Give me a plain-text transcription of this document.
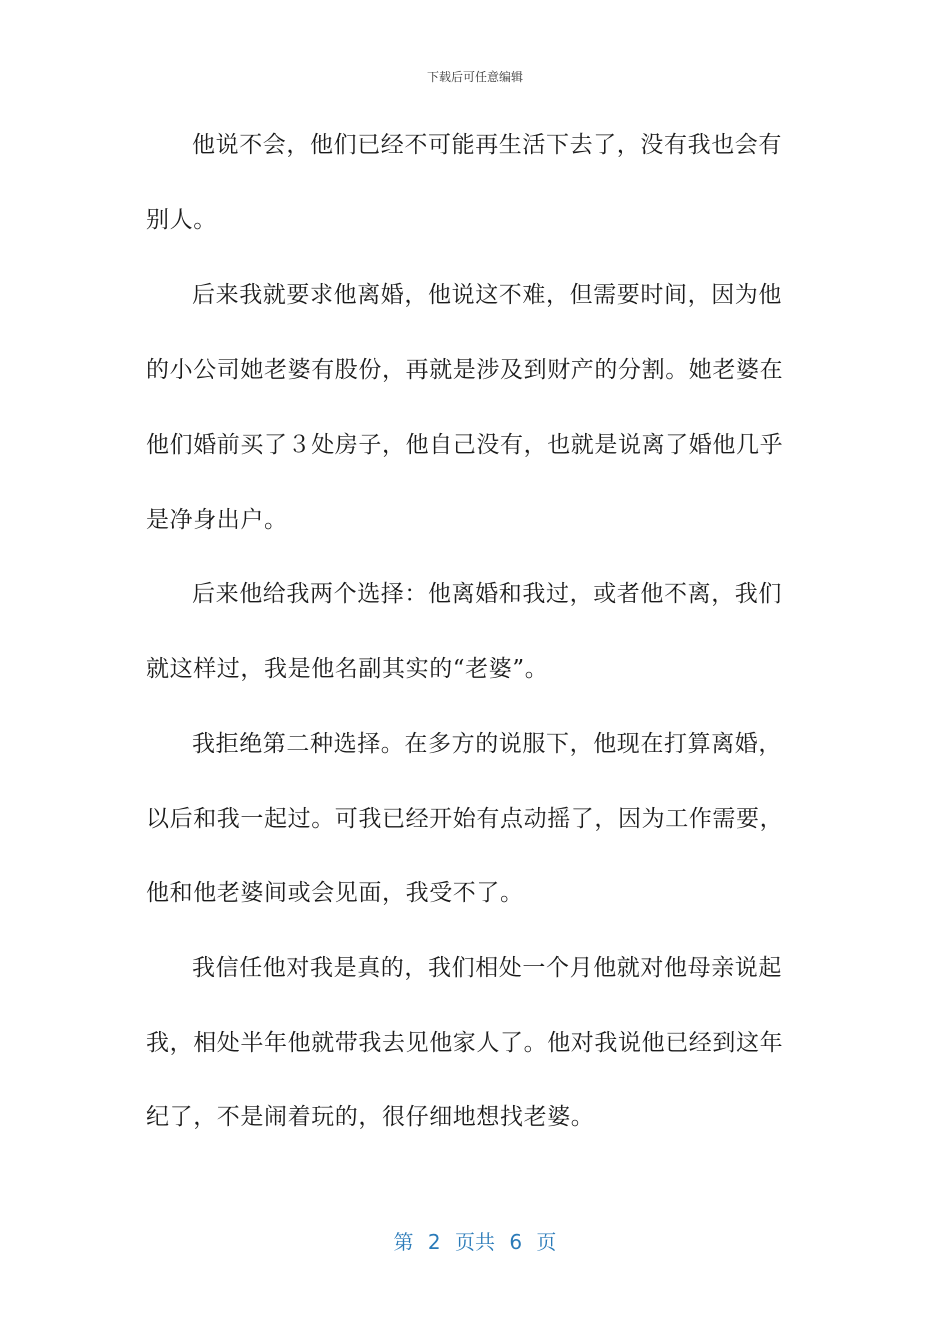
下载后可任意编辑
他说不会，他们已经不可能再生活下去了，没有我也会有
别人。
后来我就要求他离婚，他说这不难，但需要时间，因为他
的小公司她老婆有股份，再就是涉及到财产的分割。她老婆在
他们婚前买了３处房子，他自己没有，也就是说离了婚他几乎
是净身出户。
后来他给我两个选择：他离婚和我过，或者他不离，我们
就这样过，我是他名副其实的“老婆”。
我拒绝第二种选择。在多方的说服下，他现在打算离婚，
以后和我一起过。可我已经开始有点动摇了，因为工作需要，
他和他老婆间或会见面，我受不了。
我信任他对我是真的，我们相处一个月他就对他母亲说起
我，相处半年他就带我去见他家人了。他对我说他已经到这年
纪了，不是闹着玩的，很仔细地想找老婆。
第 2 页共 6 页
